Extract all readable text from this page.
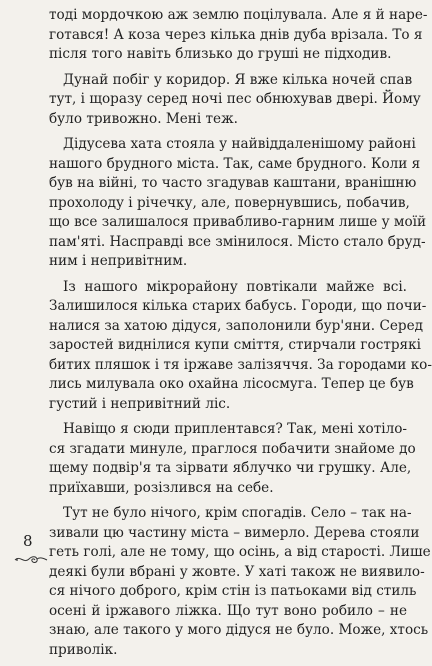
тоді мордочкою аж землю поцілувала. Але я й наре-
готався! А коза через кілька днів дуба врізала. То я
після того навіть близько до груші не підходив.
Дунай побіг у коридор. Я вже кілька ночей спав
тут, і щоразу серед ночі пес обнюхував двері. Йому
було тривожно. Мені теж.
Дідусева хата стояла у найвіддаленішому районі
нашого брудного міста. Так, саме брудного. Коли я
був на війні, то часто згадував каштани, вранішню
прохолоду і річечку, але, повернувшись, побачив,
що все залишалося привабливо-гарним лише у моїй
пам'яті. Насправді все змінилося. Місто стало бруд-
ним і непривітним.
Із нашого мікрорайону повтікали майже всі.
Залишилося кілька старих бабусь. Городи, що почи-
налися за хатою дідуся, заполонили бур'яни. Серед
заростей виднілися купи сміття, стирчали гострякі
битих пляшок і тя іржаве залізяччя. За городами ко-
лись милувала око охайна лісосмуга. Тепер це був
густий і непривітний ліс.
Навіщо я сюди приплентався? Так, мені хотіло-
ся згадати минуле, праглося побачити знайоме до
щему подвір'я та зірвати яблучко чи грушку. Але,
приїхавши, розізлився на себе.
Тут не було нічого, крім спогадів. Село – так на-
зивали цю частину міста – вимерло. Дерева стояли
геть голі, але не тому, що осінь, а від старості. Лише
деякі були вбрані у жовте. У хаті також не виявило-
ся нічого доброго, крім стін із патьоками від стиль
осені й іржавого ліжка. Що тут воно робило – не
знаю, але такого у мого дідуся не було. Може, хтось
приволік.
8
